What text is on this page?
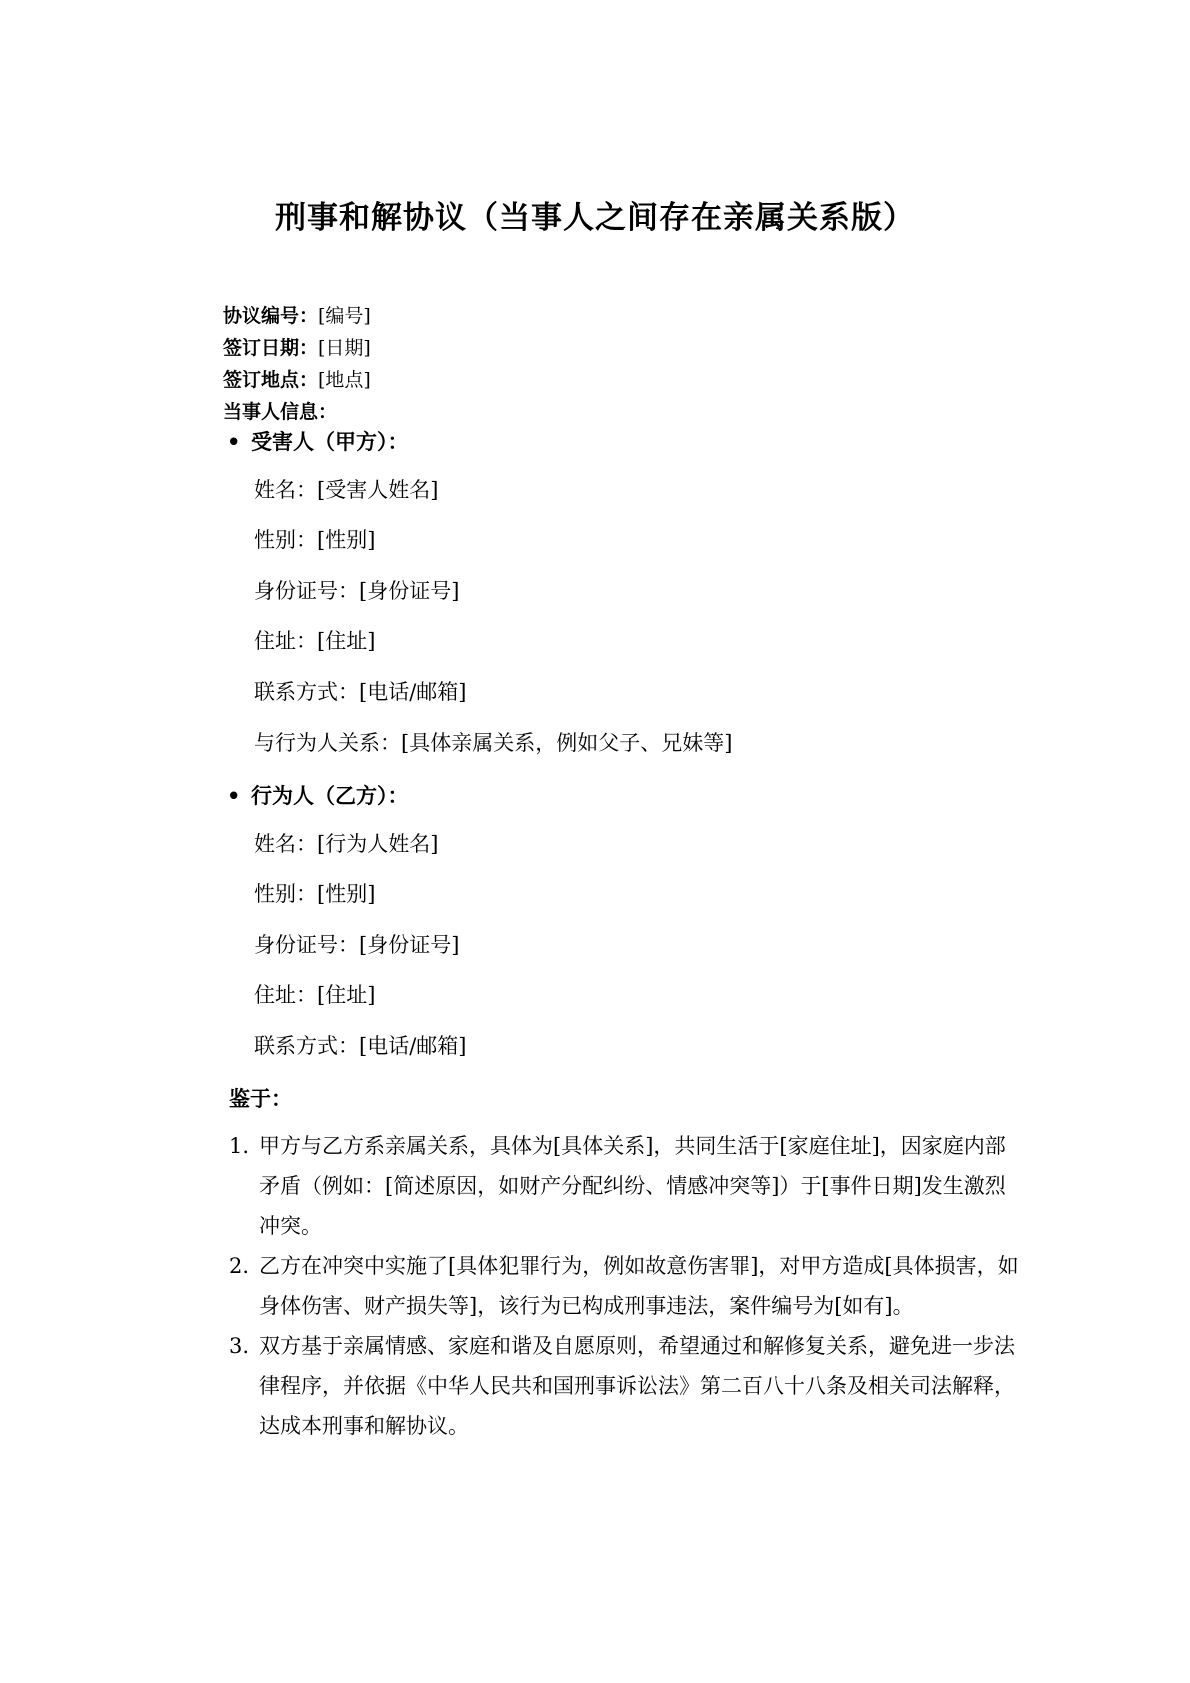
刑事和解协议（当事人之间存在亲属关系版）
协议编号：[编号]
签订日期：[日期]
签订地点：[地点]
当事人信息：
• 受害人（甲方）：
姓名：[受害人姓名]
性别：[性别]
身份证号：[身份证号]
住址：[住址]
联系方式：[电话/邮箱]
与行为人关系：[具体亲属关系，例如父子、兄妹等]
• 行为人（乙方）：
姓名：[行为人姓名]
性别：[性别]
身份证号：[身份证号]
住址：[住址]
联系方式：[电话/邮箱]
鉴于：
1. 甲方与乙方系亲属关系，具体为[具体关系]，共同生活于[家庭住址]，因家庭内部矛盾（例如：[简述原因，如财产分配纠纷、情感冲突等]）于[事件日期]发生激烈冲突。
2. 乙方在冲突中实施了[具体犯罪行为，例如故意伤害罪]，对甲方造成[具体损害，如身体伤害、财产损失等]，该行为已构成刑事违法，案件编号为[如有]。
3. 双方基于亲属情感、家庭和谐及自愿原则，希望通过和解修复关系，避免进一步法律程序，并依据《中华人民共和国刑事诉讼法》第二百八十八条及相关司法解释，达成本刑事和解协议。
